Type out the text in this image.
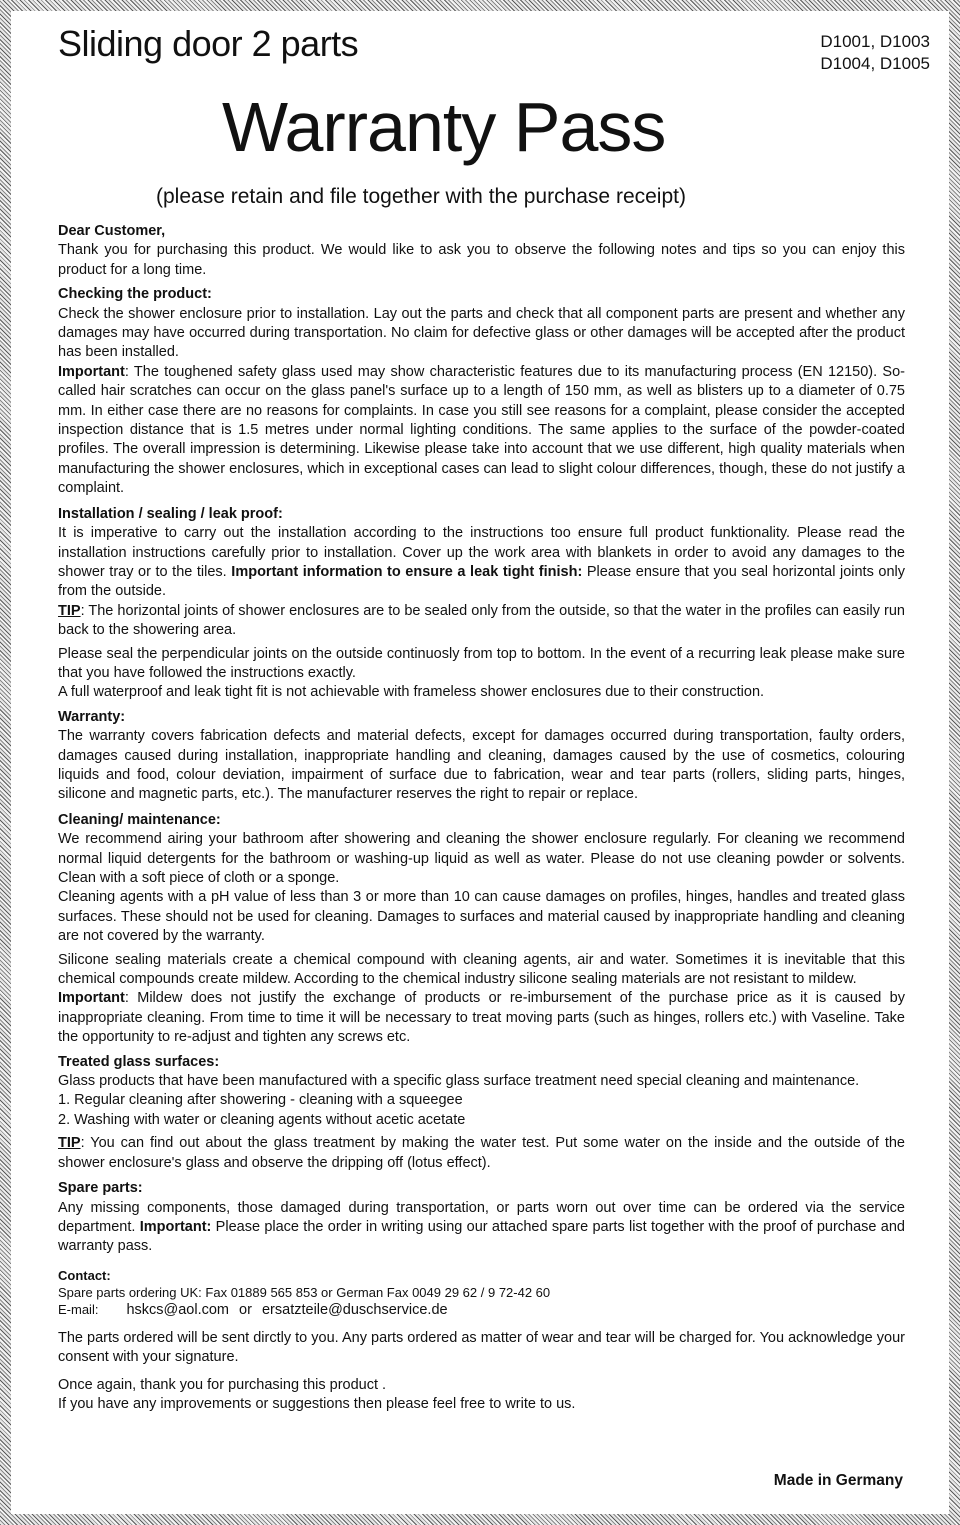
Sliding door 2 parts	D1001, D1003
D1004, D1005
Warranty Pass
(please retain and file together with the purchase receipt)

Dear Customer,

Thank you for purchasing this product. We would like to ask you to observe the following notes and tips so you can enjoy this product for a long time.

Checking the product:

Check the shower enclosure prior to installation. Lay out the parts and check that all component parts are present and whether any damages may have occurred during transportation. No claim for defective glass or other damages will be accepted after the product has been installed.

Important: The toughened safety glass used may show characteristic features due to its manufacturing process (EN 12150). So-called hair scratches can occur on the glass panel's surface up to a length of 150 mm, as well as blisters up to a diameter of 0.75 mm. In either case there are no reasons for complaints. In case you still see reasons for a complaint, please consider the accepted inspection distance that is 1.5 metres under normal lighting conditions. The same applies to the surface of the powder-coated profiles. The overall impression is determining. Likewise please take into account that we use different, high quality materials when manufacturing the shower enclosures, which in exceptional cases can lead to slight colour differences, though, these do not justify a complaint.

Installation / sealing / leak proof:

It is imperative to carry out the installation according to the instructions too ensure full product funktionality. Please read the installation instructions carefully prior to installation. Cover up the work area with blankets in order to avoid any damages to the shower tray or to the tiles. Important information to ensure a leak tight finish: Please ensure that you seal horizontal joints only from the outside.

TIP: The horizontal joints of shower enclosures are to be sealed only from the outside, so that the water in the profiles can easily run back to the showering area.

Please seal the perpendicular joints on the outside continuosly from top to bottom. In the event of a recurring leak please make sure that you have followed the instructions exactly.

A full waterproof and leak tight fit is not achievable with frameless shower enclosures due to their construction.

Warranty:

The warranty covers fabrication defects and material defects, except for damages occurred during transportation, faulty orders, damages caused during installation, inappropriate handling and cleaning, damages caused by the use of cosmetics, colouring liquids and food, colour deviation, impairment of surface due to fabrication, wear and tear parts (rollers, sliding parts, hinges, silicone and magnetic parts, etc.). The manufacturer reserves the right to repair or replace.

Cleaning/ maintenance:

We recommend airing your bathroom after showering and cleaning the shower enclosure regularly. For cleaning we recommend normal liquid detergents for the bathroom or washing-up liquid as well as water. Please do not use cleaning powder or solvents. Clean with a soft piece of cloth or a sponge.

Cleaning agents with a pH value of less than 3 or more than 10 can cause damages on profiles, hinges, handles and treated glass surfaces. These should not be used for cleaning. Damages to surfaces and material caused by inappropriate handling and cleaning are not covered by the warranty.

Silicone sealing materials create a chemical compound with cleaning agents, air and water. Sometimes it is inevitable that this chemical compounds create mildew. According to the chemical industry silicone sealing materials are not resistant to mildew.

Important: Mildew does not justify the exchange of products or re-imbursement of the purchase price as it is caused by inappropriate cleaning. From time to time it will be necessary to treat moving parts (such as hinges, rollers etc.) with Vaseline. Take the opportunity to re-adjust and tighten any screws etc.

Treated glass surfaces:

Glass products that have been manufactured with a specific glass surface treatment need special cleaning and maintenance.

1. Regular cleaning after showering - cleaning with a squeegee

2. Washing with water or cleaning agents without acetic acetate

TIP: You can find out about the glass treatment by making the water test. Put some water on the inside and the outside of the shower enclosure's glass and observe the dripping off (lotus effect).

Spare parts:

Any missing components, those damaged during transportation, or parts worn out over time can be ordered via the service department. Important: Please place the order in writing using our attached spare parts list together with the proof of purchase and warranty pass.

Contact:

Spare parts ordering UK: Fax 01889 565 853 or German Fax 0049 29 62 / 9 72-42 60

E-mail: hskcs@aol.com or ersatzteile@duschservice.de

The parts ordered will be sent dirctly to you. Any parts ordered as matter of wear and tear will be charged for. You acknowledge your consent with your signature.

Once again, thank you for purchasing this product .

If you have any improvements or suggestions then please feel free to write to us.

Made in Germany
